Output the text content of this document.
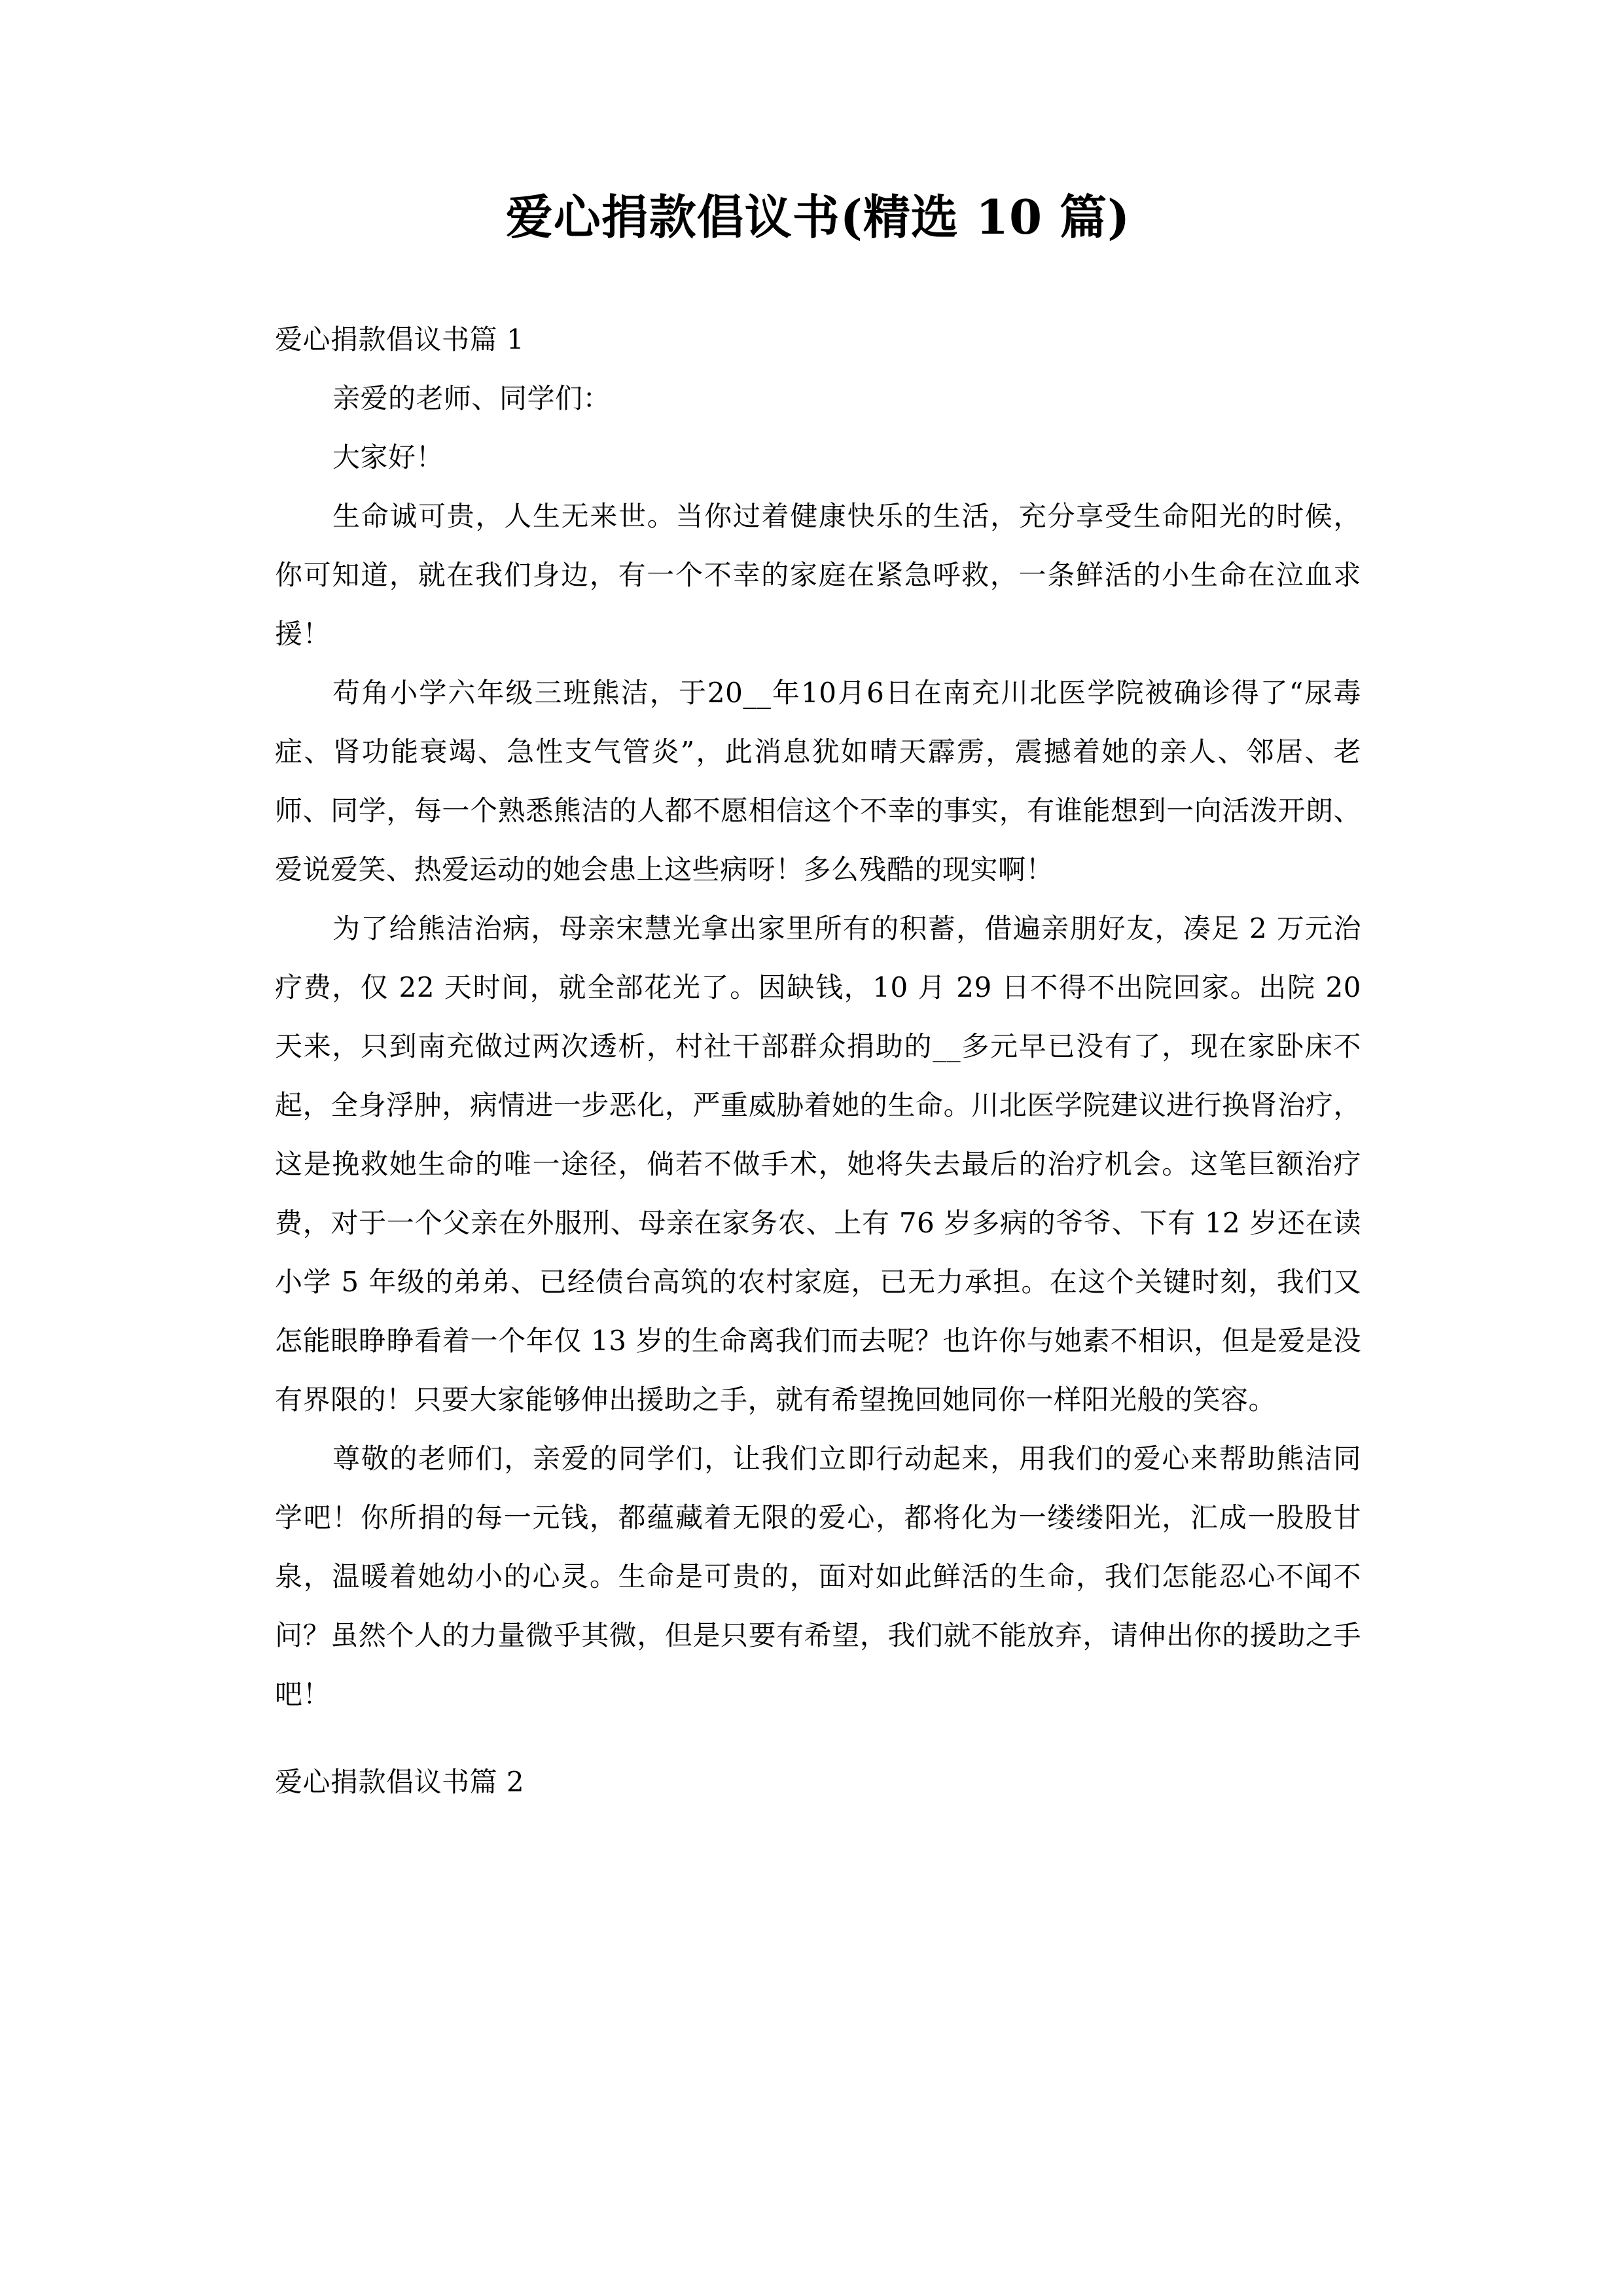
爱心捐款倡议书(精选 10 篇)

爱心捐款倡议书篇 1

亲爱的老师、同学们：

大家好！

生命诚可贵，人生无来世。当你过着健康快乐的生活，充分享受生命阳光的时候，你可知道，就在我们身边，有一个不幸的家庭在紧急呼救，一条鲜活的小生命在泣血求援！

苟角小学六年级三班熊洁，于20__年10月6日在南充川北医学院被确诊得了“尿毒症、肾功能衰竭、急性支气管炎”，此消息犹如晴天霹雳，震撼着她的亲人、邻居、老师、同学，每一个熟悉熊洁的人都不愿相信这个不幸的事实，有谁能想到一向活泼开朗、爱说爱笑、热爱运动的她会患上这些病呀！多么残酷的现实啊！

为了给熊洁治病，母亲宋慧光拿出家里所有的积蓄，借遍亲朋好友，凑足 2 万元治疗费，仅 22 天时间，就全部花光了。因缺钱，10 月 29 日不得不出院回家。出院 20 天来，只到南充做过两次透析，村社干部群众捐助的__多元早已没有了，现在家卧床不起，全身浮肿，病情进一步恶化，严重威胁着她的生命。川北医学院建议进行换肾治疗，这是挽救她生命的唯一途径，倘若不做手术，她将失去最后的治疗机会。这笔巨额治疗费，对于一个父亲在外服刑、母亲在家务农、上有 76 岁多病的爷爷、下有 12 岁还在读小学 5 年级的弟弟、已经债台高筑的农村家庭，已无力承担。在这个关键时刻，我们又怎能眼睁睁看着一个年仅 13 岁的生命离我们而去呢？也许你与她素不相识，但是爱是没有界限的！只要大家能够伸出援助之手，就有希望挽回她同你一样阳光般的笑容。

尊敬的老师们，亲爱的同学们，让我们立即行动起来，用我们的爱心来帮助熊洁同学吧！你所捐的每一元钱，都蕴藏着无限的爱心，都将化为一缕缕阳光，汇成一股股甘泉，温暖着她幼小的心灵。生命是可贵的，面对如此鲜活的生命，我们怎能忍心不闻不问？虽然个人的力量微乎其微，但是只要有希望，我们就不能放弃，请伸出你的援助之手吧！

爱心捐款倡议书篇 2
